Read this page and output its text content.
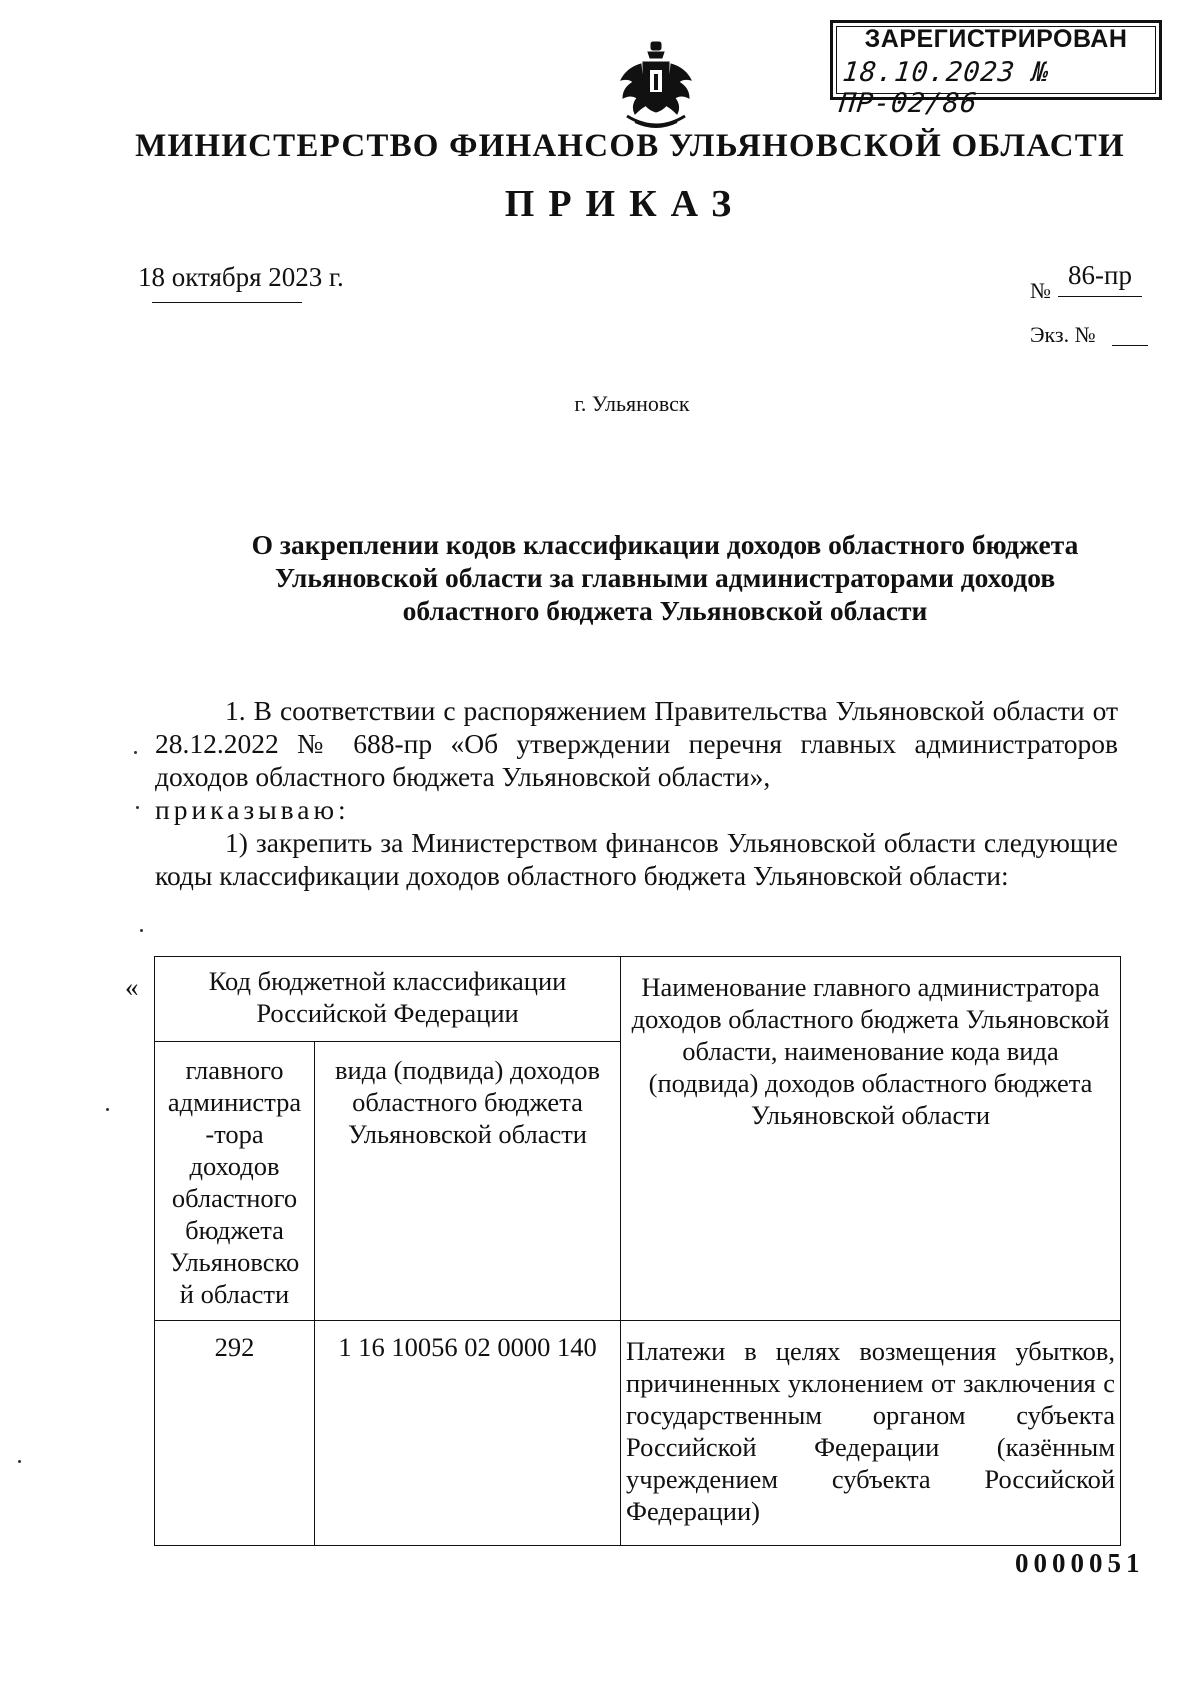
ЗАРЕГИСТРИРОВАН
18.10.2023 № ПР-02/86
МИНИСТЕРСТВО ФИНАНСОВ УЛЬЯНОВСКОЙ ОБЛАСТИ
ПРИКАЗ
18 октября 2023 г.	№
86-пр
Экз. №
г. Ульяновск
О закреплении кодов классификации доходов областного бюджета
Ульяновской области за главными администраторами доходов
областного бюджета Ульяновской области
1. В соответствии с распоряжением Правительства Ульяновской области от 28.12.2022 № 688-пр «Об утверждении перечня главных администраторов доходов областного бюджета Ульяновской области»,
приказываю:
1) закрепить за Министерством финансов Ульяновской области следующие коды классификации доходов областного бюджета Ульяновской области:
«	Код бюджетной классификации Российской Федерации		Наименование главного администратора доходов областного бюджета Ульяновской области, наименование кода вида (подвида) доходов областного бюджета Ульяновской области
главного администра -тора доходов областного бюджета Ульяновско й области	вида (подвида) доходов областного бюджета Ульяновской области	
292	1 16 10056 02 0000 140	Платежи в целях возмещения убытков, причиненных уклонением от заключения с государственным органом субъекта Российской Федерации (казённым учреждением субъекта Российской Федерации)
0000051
